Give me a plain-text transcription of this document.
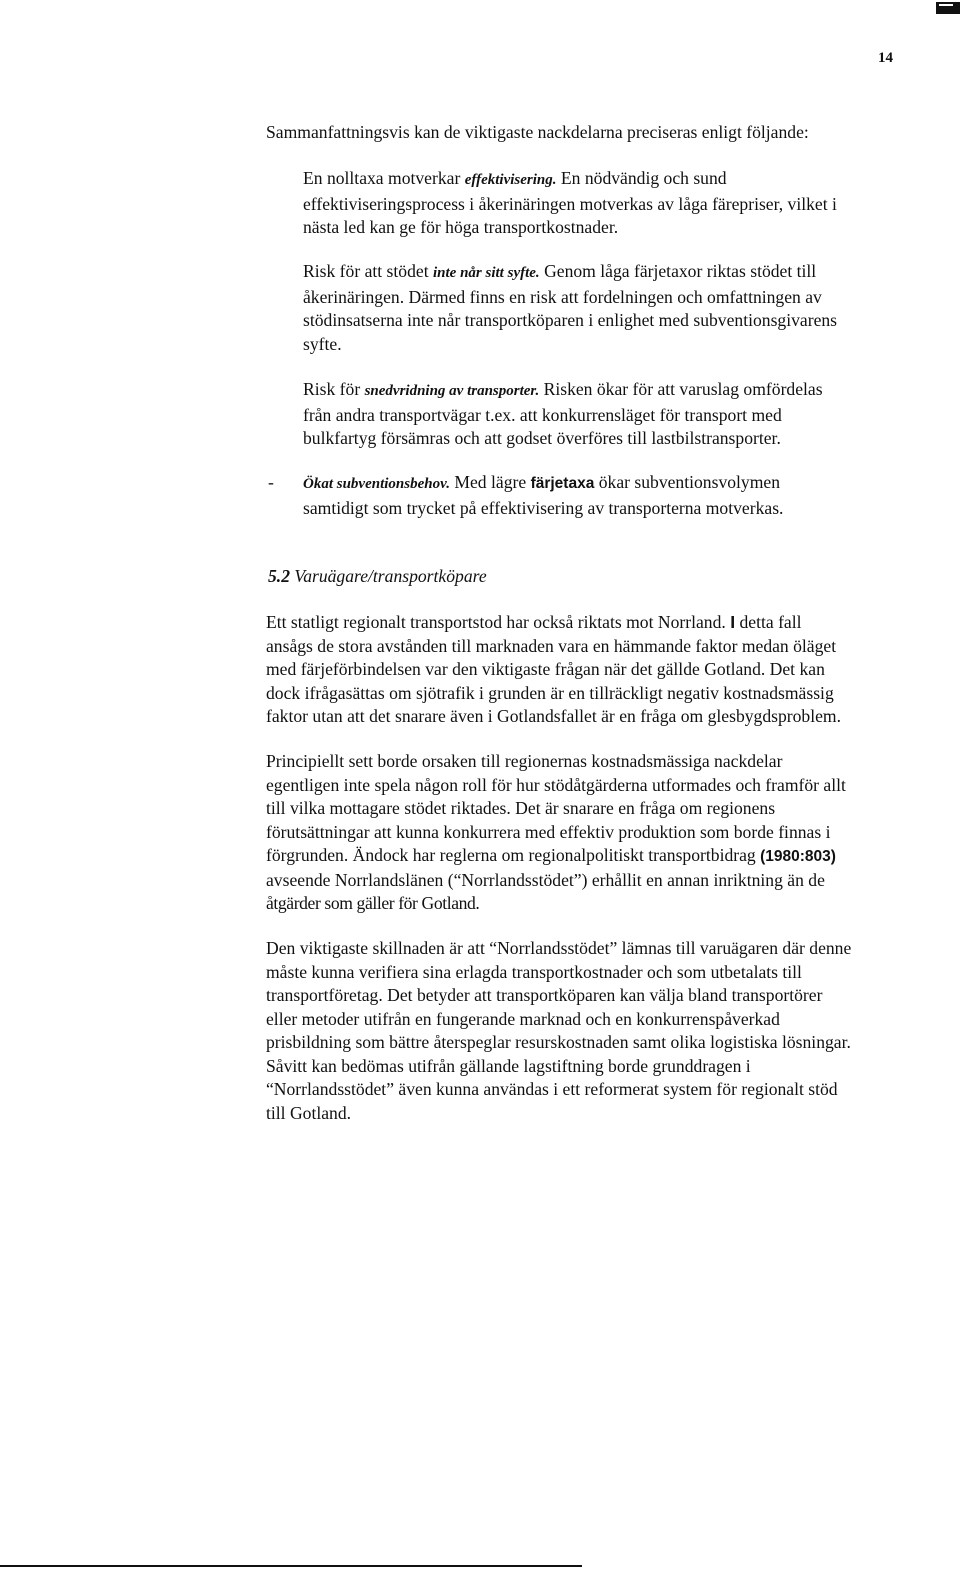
14

Sammanfattningsvis kan de viktigaste nackdelarna preciseras enligt följande:

En nolltaxa motverkar effektivisering. En nödvändig och sund
effektiviseringsprocess i åkerinäringen motverkas av låga färepriser, vilket i
nästa led kan ge för höga transportkostnader.

Risk för att stödet inte når sitt syfte. Genom låga färjetaxor riktas stödet till
åkerinäringen. Därmed finns en risk att fordelningen och omfattningen av
stödinsatserna inte når transportköparen i enlighet med subventionsgivarens
syfte.

Risk för snedvridning av transporter. Risken ökar för att varuslag omfördelas
från andra transportvägar t.ex. att konkurrensläget för transport med
bulkfartyg försämras och att godset överföres till lastbilstransporter.

- Ökat subventionsbehov. Med lägre färjetaxa ökar subventionsvolymen
samtidigt som trycket på effektivisering av transporterna motverkas.

5.2 Varuägare/transportköpare

Ett statligt regionalt transportstod har också riktats mot Norrland. I detta fall
ansågs de stora avstånden till marknaden vara en hämmande faktor medan öläget
med färjeförbindelsen var den viktigaste frågan när det gällde Gotland. Det kan
dock ifrågasättas om sjötrafik i grunden är en tillräckligt negativ kostnadsmässig
faktor utan att det snarare även i Gotlandsfallet är en fråga om glesbygdsproblem.

Principiellt sett borde orsaken till regionernas kostnadsmässiga nackdelar
egentligen inte spela någon roll för hur stödåtgärderna utformades och framför allt
till vilka mottagare stödet riktades. Det är snarare en fråga om regionens
förutsättningar att kunna konkurrera med effektiv produktion som borde finnas i
förgrunden. Ändock har reglerna om regionalpolitiskt transportbidrag (1980:803)
avseende Norrlandslänen (“Norrlandsstödet”) erhållit en annan inriktning än de
åtgärder som gäller för Gotland.

Den viktigaste skillnaden är att “Norrlandsstödet” lämnas till varuägaren där denne
måste kunna verifiera sina erlagda transportkostnader och som utbetalats till
transportföretag. Det betyder att transportköparen kan välja bland transportörer
eller metoder utifrån en fungerande marknad och en konkurrenspåverkad
prisbildning som bättre återspeglar resurskostnaden samt olika logistiska lösningar.
Såvitt kan bedömas utifrån gällande lagstiftning borde grunddragen i
“Norrlandsstödet” även kunna användas i ett reformerat system för regionalt stöd
till Gotland.
